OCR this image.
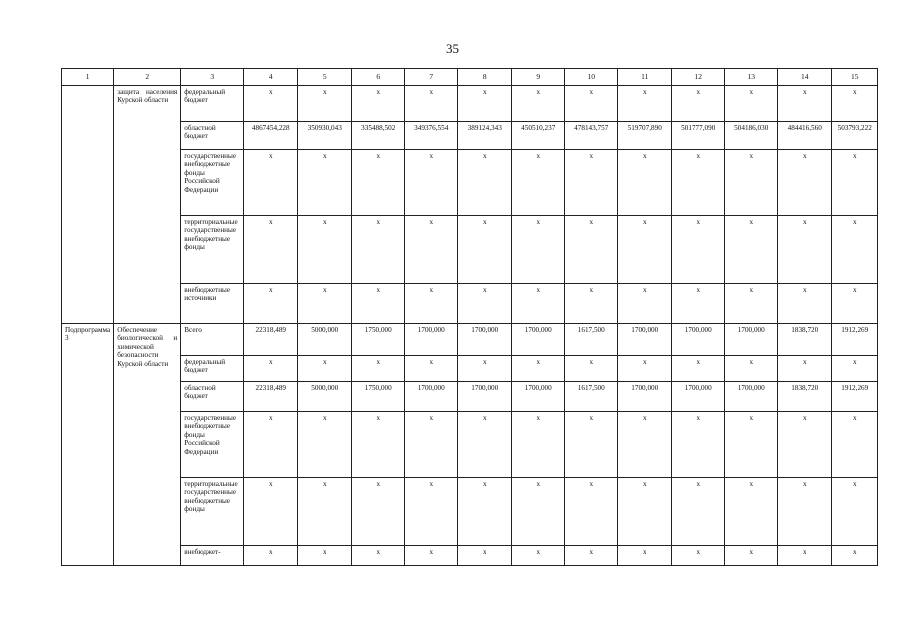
35
1	2	3	4	5	6	7	8	9	10	11	12	13	14	15
	защита населения Курской области	федеральный бюджет	x	x	x	x	x	x	x	x	x	x	x	x
		областной бюджет	4867454,228	350930,043	335488,502	349376,554	389124,343	450510,237	478143,757	519707,890	501777,090	504186,030	484416,560	503793,222
		государственные внебюджетные фонды Российской Федерации	x	x	x	x	x	x	x	x	x	x	x	x
		территориальные государственные внебюджетные фонды	x	x	x	x	x	x	x	x	x	x	x	x
		внебюджетные источники	x	x	x	x	x	x	x	x	x	x	x	x
Подпрограмма 3	Обеспечение биологической и химической безопасности Курской области	Всего	22318,489	5000,000	1750,000	1700,000	1700,000	1700,000	1617,500	1700,000	1700,000	1700,000	1838,720	1912,269
		федеральный бюджет	x	x	x	x	x	x	x	x	x	x	x	x
		областной бюджет	22318,489	5000,000	1750,000	1700,000	1700,000	1700,000	1617,500	1700,000	1700,000	1700,000	1838,720	1912,269
		государственные внебюджетные фонды Российской Федерации	x	x	x	x	x	x	x	x	x	x	x	x
		территориальные государственные внебюджетные фонды	x	x	x	x	x	x	x	x	x	x	x	x
		внебюджет-	x	x	x	x	x	x	x	x	x	x	x	x
